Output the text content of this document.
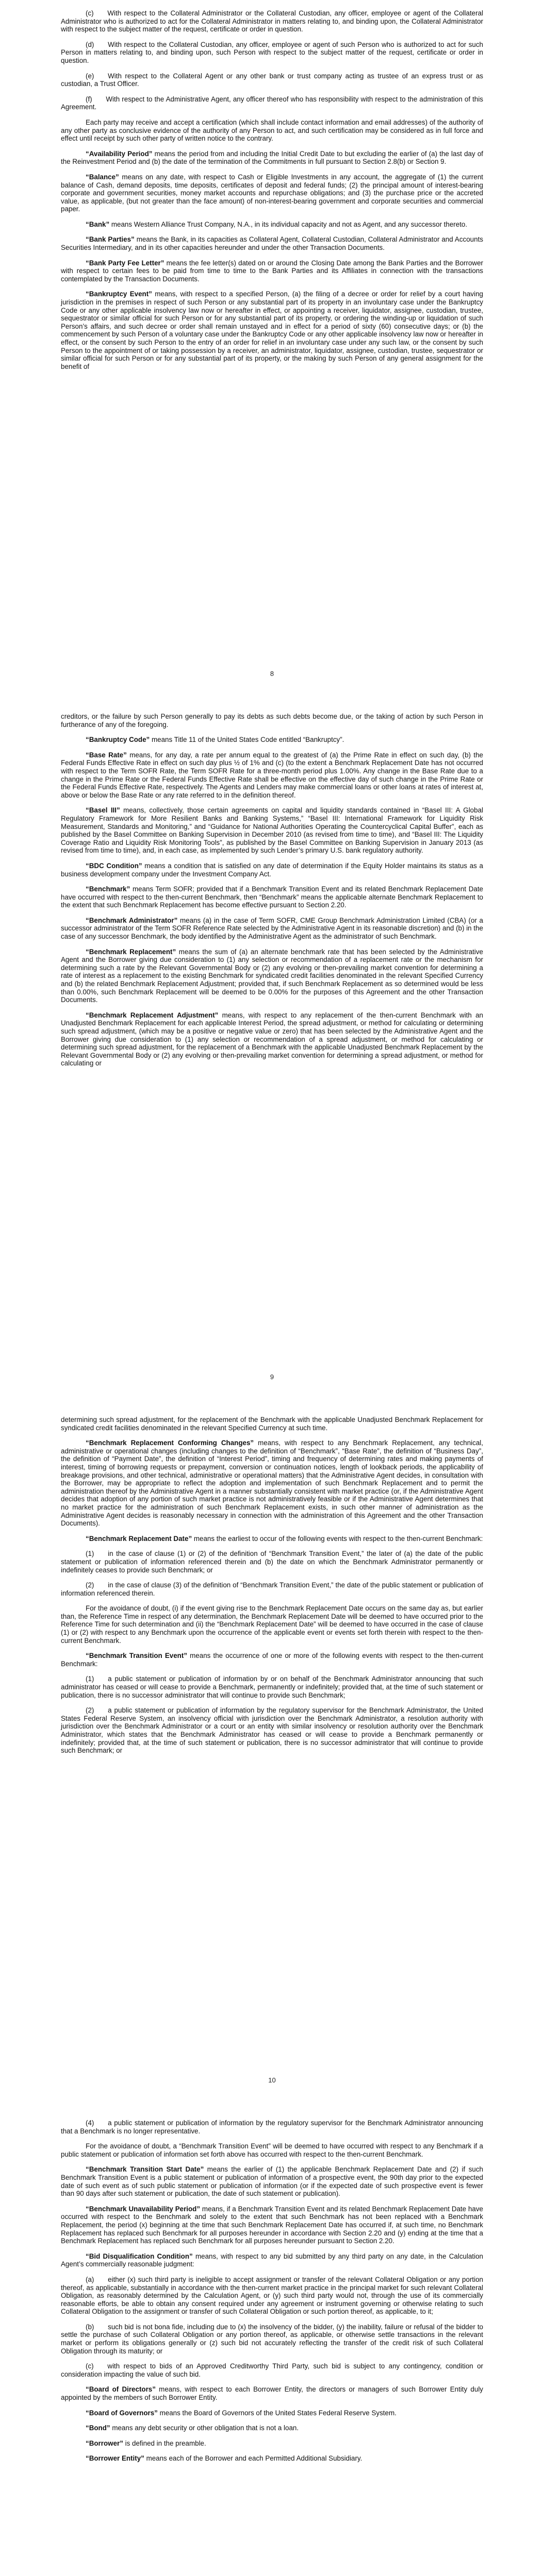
(c)  With respect to the Collateral Administrator or the Collateral Custodian, any officer, employee or agent of the Collateral Administrator who is authorized to act for the Collateral Administrator in matters relating to, and binding upon, the Collateral Administrator with respect to the subject matter of the request, certificate or order in question.

(d)  With respect to the Collateral Custodian, any officer, employee or agent of such Person who is authorized to act for such Person in matters relating to, and binding upon, such Person with respect to the subject matter of the request, certificate or order in question.

(e)  With respect to the Collateral Agent or any other bank or trust company acting as trustee of an express trust or as custodian, a Trust Officer.

(f)  With respect to the Administrative Agent, any officer thereof who has responsibility with respect to the administration of this Agreement.

Each party may receive and accept a certification (which shall include contact information and email addresses) of the authority of any other party as conclusive evidence of the authority of any Person to act, and such certification may be considered as in full force and effect until receipt by such other party of written notice to the contrary.

“Availability Period” means the period from and including the Initial Credit Date to but excluding the earlier of (a) the last day of the Reinvestment Period and (b) the date of the termination of the Commitments in full pursuant to Section 2.8(b) or Section 9.

“Balance” means on any date, with respect to Cash or Eligible Investments in any account, the aggregate of (1) the current balance of Cash, demand deposits, time deposits, certificates of deposit and federal funds; (2) the principal amount of interest-bearing corporate and government securities, money market accounts and repurchase obligations; and (3) the purchase price or the accreted value, as applicable, (but not greater than the face amount) of non-interest-bearing government and corporate securities and commercial paper.

“Bank” means Western Alliance Trust Company, N.A., in its individual capacity and not as Agent, and any successor thereto.

“Bank Parties” means the Bank, in its capacities as Collateral Agent, Collateral Custodian, Collateral Administrator and Accounts Securities Intermediary, and in its other capacities hereunder and under the other Transaction Documents.

“Bank Party Fee Letter” means the fee letter(s) dated on or around the Closing Date among the Bank Parties and the Borrower with respect to certain fees to be paid from time to time to the Bank Parties and its Affiliates in connection with the transactions contemplated by the Transaction Documents.

“Bankruptcy Event” means, with respect to a specified Person, (a) the filing of a decree or order for relief by a court having jurisdiction in the premises in respect of such Person or any substantial part of its property in an involuntary case under the Bankruptcy Code or any other applicable insolvency law now or hereafter in effect, or appointing a receiver, liquidator, assignee, custodian, trustee, sequestrator or similar official for such Person or for any substantial part of its property, or ordering the winding-up or liquidation of such Person’s affairs, and such decree or order shall remain unstayed and in effect for a period of sixty (60) consecutive days; or (b) the commencement by such Person of a voluntary case under the Bankruptcy Code or any other applicable insolvency law now or hereafter in effect, or the consent by such Person to the entry of an order for relief in an involuntary case under any such law, or the consent by such Person to the appointment of or taking possession by a receiver, an administrator, liquidator, assignee, custodian, trustee, sequestrator or similar official for such Person or for any substantial part of its property, or the making by such Person of any general assignment for the benefit of

8

creditors, or the failure by such Person generally to pay its debts as such debts become due, or the taking of action by such Person in furtherance of any of the foregoing.

“Bankruptcy Code” means Title 11 of the United States Code entitled “Bankruptcy”.

“Base Rate” means, for any day, a rate per annum equal to the greatest of (a) the Prime Rate in effect on such day, (b) the Federal Funds Effective Rate in effect on such day plus ½ of 1% and (c) (to the extent a Benchmark Replacement Date has not occurred with respect to the Term SOFR Rate, the Term SOFR Rate for a three-month period plus 1.00%. Any change in the Base Rate due to a change in the Prime Rate or the Federal Funds Effective Rate shall be effective on the effective day of such change in the Prime Rate or the Federal Funds Effective Rate, respectively. The Agents and Lenders may make commercial loans or other loans at rates of interest at, above or below the Base Rate or any rate referred to in the definition thereof.

“Basel III” means, collectively, those certain agreements on capital and liquidity standards contained in “Basel III: A Global Regulatory Framework for More Resilient Banks and Banking Systems,” “Basel III: International Framework for Liquidity Risk Measurement, Standards and Monitoring,” and “Guidance for National Authorities Operating the Countercyclical Capital Buffer”, each as published by the Basel Committee on Banking Supervision in December 2010 (as revised from time to time), and “Basel III: The Liquidity Coverage Ratio and Liquidity Risk Monitoring Tools”, as published by the Basel Committee on Banking Supervision in January 2013 (as revised from time to time), and, in each case, as implemented by such Lender’s primary U.S. bank regulatory authority.

“BDC Condition” means a condition that is satisfied on any date of determination if the Equity Holder maintains its status as a business development company under the Investment Company Act.

“Benchmark” means Term SOFR; provided that if a Benchmark Transition Event and its related Benchmark Replacement Date have occurred with respect to the then-current Benchmark, then “Benchmark” means the applicable alternate Benchmark Replacement to the extent that such Benchmark Replacement has become effective pursuant to Section 2.20.

“Benchmark Administrator” means (a) in the case of Term SOFR, CME Group Benchmark Administration Limited (CBA) (or a successor administrator of the Term SOFR Reference Rate selected by the Administrative Agent in its reasonable discretion) and (b) in the case of any successor Benchmark, the body identified by the Administrative Agent as the administrator of such Benchmark.

“Benchmark Replacement” means the sum of (a) an alternate benchmark rate that has been selected by the Administrative Agent and the Borrower giving due consideration to (1) any selection or recommendation of a replacement rate or the mechanism for determining such a rate by the Relevant Governmental Body or (2) any evolving or then-prevailing market convention for determining a rate of interest as a replacement to the existing Benchmark for syndicated credit facilities denominated in the relevant Specified Currency and (b) the related Benchmark Replacement Adjustment; provided that, if such Benchmark Replacement as so determined would be less than 0.00%, such Benchmark Replacement will be deemed to be 0.00% for the purposes of this Agreement and the other Transaction Documents.

“Benchmark Replacement Adjustment” means, with respect to any replacement of the then-current Benchmark with an Unadjusted Benchmark Replacement for each applicable Interest Period, the spread adjustment, or method for calculating or determining such spread adjustment, (which may be a positive or negative value or zero) that has been selected by the Administrative Agent and the Borrower giving due consideration to (1) any selection or recommendation of a spread adjustment, or method for calculating or determining such spread adjustment, for the replacement of a Benchmark with the applicable Unadjusted Benchmark Replacement by the Relevant Governmental Body or (2) any evolving or then-prevailing market convention for determining a spread adjustment, or method for calculating or

9

determining such spread adjustment, for the replacement of the Benchmark with the applicable Unadjusted Benchmark Replacement for syndicated credit facilities denominated in the relevant Specified Currency at such time.

“Benchmark Replacement Conforming Changes” means, with respect to any Benchmark Replacement, any technical, administrative or operational changes (including changes to the definition of “Benchmark”, “Base Rate”, the definition of “Business Day”, the definition of “Payment Date”, the definition of “Interest Period”, timing and frequency of determining rates and making payments of interest, timing of borrowing requests or prepayment, conversion or continuation notices, length of lookback periods, the applicability of breakage provisions, and other technical, administrative or operational matters) that the Administrative Agent decides, in consultation with the Borrower, may be appropriate to reflect the adoption and implementation of such Benchmark Replacement and to permit the administration thereof by the Administrative Agent in a manner substantially consistent with market practice (or, if the Administrative Agent decides that adoption of any portion of such market practice is not administratively feasible or if the Administrative Agent determines that no market practice for the administration of such Benchmark Replacement exists, in such other manner of administration as the Administrative Agent decides is reasonably necessary in connection with the administration of this Agreement and the other Transaction Documents).

“Benchmark Replacement Date” means the earliest to occur of the following events with respect to the then-current Benchmark:

(1)  in the case of clause (1) or (2) of the definition of “Benchmark Transition Event,” the later of (a) the date of the public statement or publication of information referenced therein and (b) the date on which the Benchmark Administrator permanently or indefinitely ceases to provide such Benchmark; or

(2)  in the case of clause (3) of the definition of “Benchmark Transition Event,” the date of the public statement or publication of information referenced therein.

For the avoidance of doubt, (i) if the event giving rise to the Benchmark Replacement Date occurs on the same day as, but earlier than, the Reference Time in respect of any determination, the Benchmark Replacement Date will be deemed to have occurred prior to the Reference Time for such determination and (ii) the “Benchmark Replacement Date” will be deemed to have occurred in the case of clause (1) or (2) with respect to any Benchmark upon the occurrence of the applicable event or events set forth therein with respect to the then-current Benchmark.

“Benchmark Transition Event” means the occurrence of one or more of the following events with respect to the then-current Benchmark:

(1)  a public statement or publication of information by or on behalf of the Benchmark Administrator announcing that such administrator has ceased or will cease to provide a Benchmark, permanently or indefinitely; provided that, at the time of such statement or publication, there is no successor administrator that will continue to provide such Benchmark;

(2)  a public statement or publication of information by the regulatory supervisor for the Benchmark Administrator, the United States Federal Reserve System, an insolvency official with jurisdiction over the Benchmark Administrator, a resolution authority with jurisdiction over the Benchmark Administrator or a court or an entity with similar insolvency or resolution authority over the Benchmark Administrator, which states that the Benchmark Administrator has ceased or will cease to provide a Benchmark permanently or indefinitely; provided that, at the time of such statement or publication, there is no successor administrator that will continue to provide such Benchmark; or

10

(4)  a public statement or publication of information by the regulatory supervisor for the Benchmark Administrator announcing that a Benchmark is no longer representative.

For the avoidance of doubt, a “Benchmark Transition Event” will be deemed to have occurred with respect to any Benchmark if a public statement or publication of information set forth above has occurred with respect to the then-current Benchmark.

“Benchmark Transition Start Date” means the earlier of (1) the applicable Benchmark Replacement Date and (2) if such Benchmark Transition Event is a public statement or publication of information of a prospective event, the 90th day prior to the expected date of such event as of such public statement or publication of information (or if the expected date of such prospective event is fewer than 90 days after such statement or publication, the date of such statement or publication).

“Benchmark Unavailability Period” means, if a Benchmark Transition Event and its related Benchmark Replacement Date have occurred with respect to the Benchmark and solely to the extent that such Benchmark has not been replaced with a Benchmark Replacement, the period (x) beginning at the time that such Benchmark Replacement Date has occurred if, at such time, no Benchmark Replacement has replaced such Benchmark for all purposes hereunder in accordance with Section 2.20 and (y) ending at the time that a Benchmark Replacement has replaced such Benchmark for all purposes hereunder pursuant to Section 2.20.

“Bid Disqualification Condition” means, with respect to any bid submitted by any third party on any date, in the Calculation Agent’s commercially reasonable judgment:

(a)  either (x) such third party is ineligible to accept assignment or transfer of the relevant Collateral Obligation or any portion thereof, as applicable, substantially in accordance with the then-current market practice in the principal market for such relevant Collateral Obligation, as reasonably determined by the Calculation Agent, or (y) such third party would not, through the use of its commercially reasonable efforts, be able to obtain any consent required under any agreement or instrument governing or otherwise relating to such Collateral Obligation to the assignment or transfer of such Collateral Obligation or such portion thereof, as applicable, to it;

(b)  such bid is not bona fide, including due to (x) the insolvency of the bidder, (y) the inability, failure or refusal of the bidder to settle the purchase of such Collateral Obligation or any portion thereof, as applicable, or otherwise settle transactions in the relevant market or perform its obligations generally or (z) such bid not accurately reflecting the transfer of the credit risk of such Collateral Obligation through its maturity; or

(c)  with respect to bids of an Approved Creditworthy Third Party, such bid is subject to any contingency, condition or consideration impacting the value of such bid.

“Board of Directors” means, with respect to each Borrower Entity, the directors or managers of such Borrower Entity duly appointed by the members of such Borrower Entity.

“Board of Governors” means the Board of Governors of the United States Federal Reserve System.

“Bond” means any debt security or other obligation that is not a loan.

“Borrower” is defined in the preamble.

“Borrower Entity” means each of the Borrower and each Permitted Additional Subsidiary.
